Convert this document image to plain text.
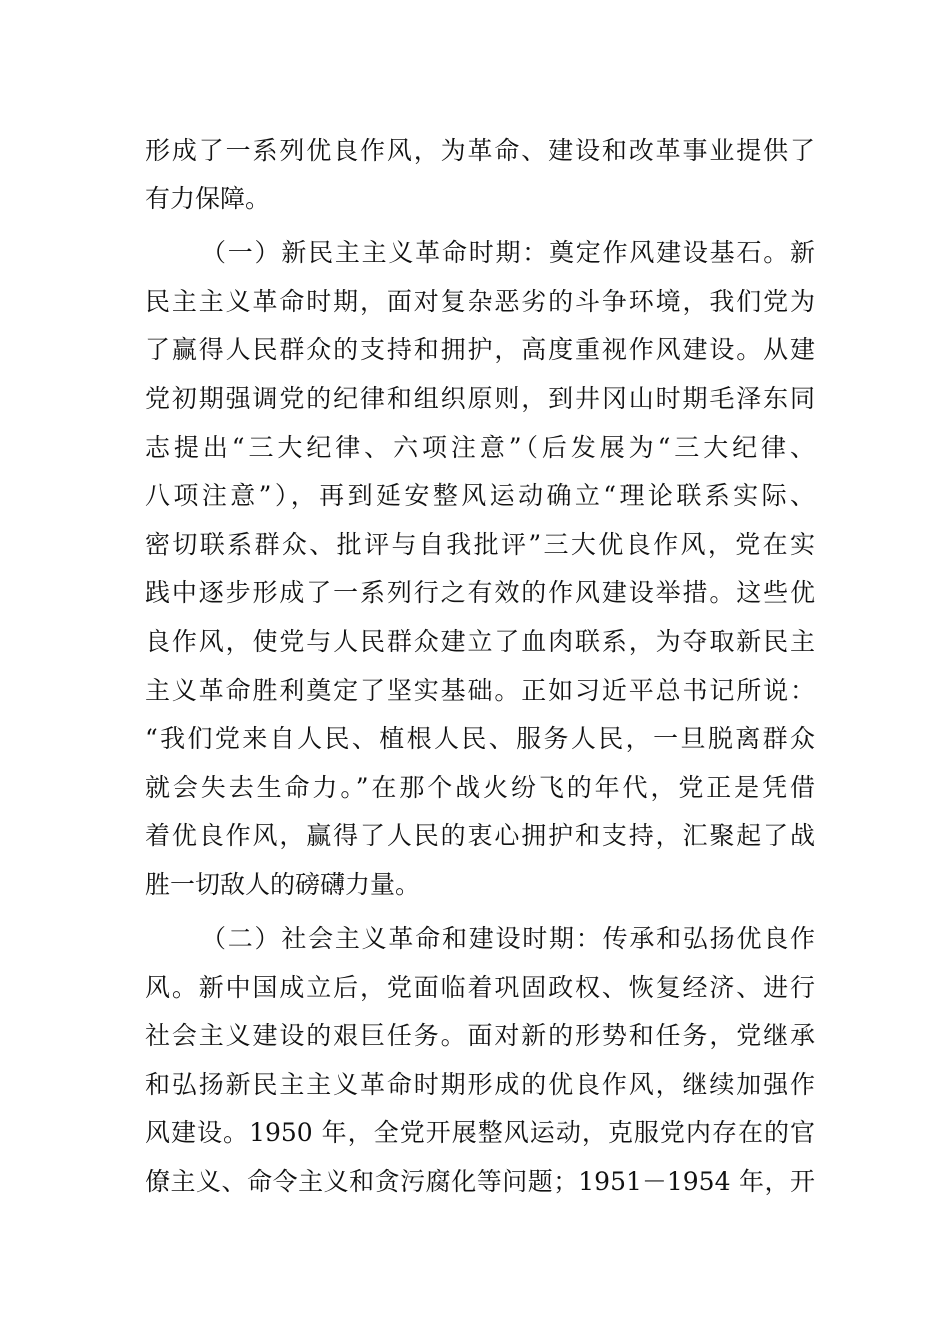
形成了一系列优良作风，为革命、建设和改革事业提供了
有力保障。
（一）新民主主义革命时期：奠定作风建设基石。新
民主主义革命时期，面对复杂恶劣的斗争环境，我们党为
了赢得人民群众的支持和拥护，高度重视作风建设。从建
党初期强调党的纪律和组织原则，到井冈山时期毛泽东同
志提出“三大纪律、六项注意”（后发展为“三大纪律、
八项注意”），再到延安整风运动确立“理论联系实际、
密切联系群众、批评与自我批评”三大优良作风，党在实
践中逐步形成了一系列行之有效的作风建设举措。这些优
良作风，使党与人民群众建立了血肉联系，为夺取新民主
主义革命胜利奠定了坚实基础。正如习近平总书记所说：
“我们党来自人民、植根人民、服务人民，一旦脱离群众
就会失去生命力。”在那个战火纷飞的年代，党正是凭借
着优良作风，赢得了人民的衷心拥护和支持，汇聚起了战
胜一切敌人的磅礴力量。
（二）社会主义革命和建设时期：传承和弘扬优良作
风。新中国成立后，党面临着巩固政权、恢复经济、进行
社会主义建设的艰巨任务。面对新的形势和任务，党继承
和弘扬新民主主义革命时期形成的优良作风，继续加强作
风建设。1950 年，全党开展整风运动，克服党内存在的官
僚主义、命令主义和贪污腐化等问题；1951－1954 年，开
